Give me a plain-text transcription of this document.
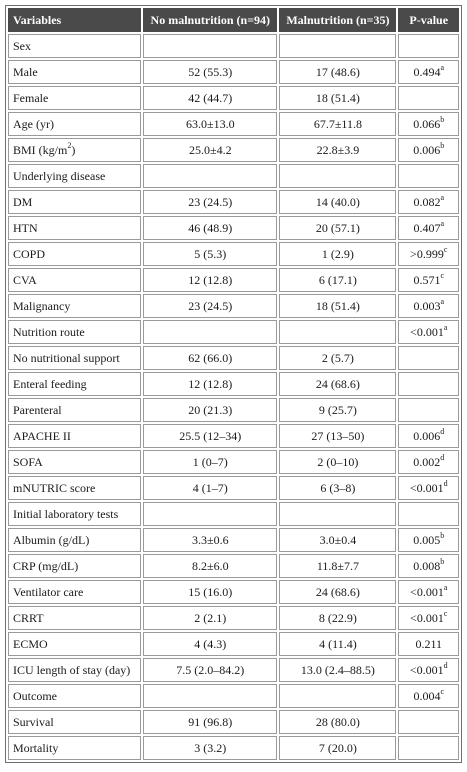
Variables	No malnutrition (n=94)	Malnutrition (n=35)	P-value
Sex			
Male	52 (55.3)	17 (48.6)	0.494$^a$
Female	42 (44.7)	18 (51.4)	
Age (yr)	63.0±13.0	67.7±11.8	0.066$^b$
BMI $(kg/m^2)$	25.0±4.2	22.8±3.9	0.006$^b$
Underlying disease			
DM	23 (24.5)	14 (40.0)	0.082$^a$
HTN	46 (48.9)	20 (57.1)	0.407$^a$
COPD	5 (5.3)	1 (2.9)	>0.999$^c$
CVA	12 (12.8)	6 (17.1)	0.571$^c$
Malignancy	23 (24.5)	18 (51.4)	0.003$^a$
Nutrition route			<0.001$^a$
No nutritional support	62 (66.0)	2 (5.7)	
Enteral feeding	12 (12.8)	24 (68.6)	
Parenteral	20 (21.3)	9 (25.7)	
APACHE II	25.5 (12–34)	27 (13–50)	0.006$^d$
SOFA	1 (0–7)	2 (0–10)	0.002$^d$
mNUTRIC score	4 (1–7)	6 (3–8)	<0.001$^d$
Initial laboratory tests			
Albumin (g/dL)	3.3±0.6	3.0±0.4	0.005$^b$
CRP (mg/dL)	8.2±6.0	11.8±7.7	0.008$^b$
Ventilator care	15 (16.0)	24 (68.6)	<0.001$^a$
CRRT	2 (2.1)	8 (22.9)	<0.001$^c$
ECMO	4 (4.3)	4 (11.4)	0.211
ICU length of stay (day)	7.5 (2.0–84.2)	13.0 (2.4–88.5)	<0.001$^d$
Outcome			0.004$^c$
Survival	91 (96.8)	28 (80.0)	
Mortality	3 (3.2)	7 (20.0)	
